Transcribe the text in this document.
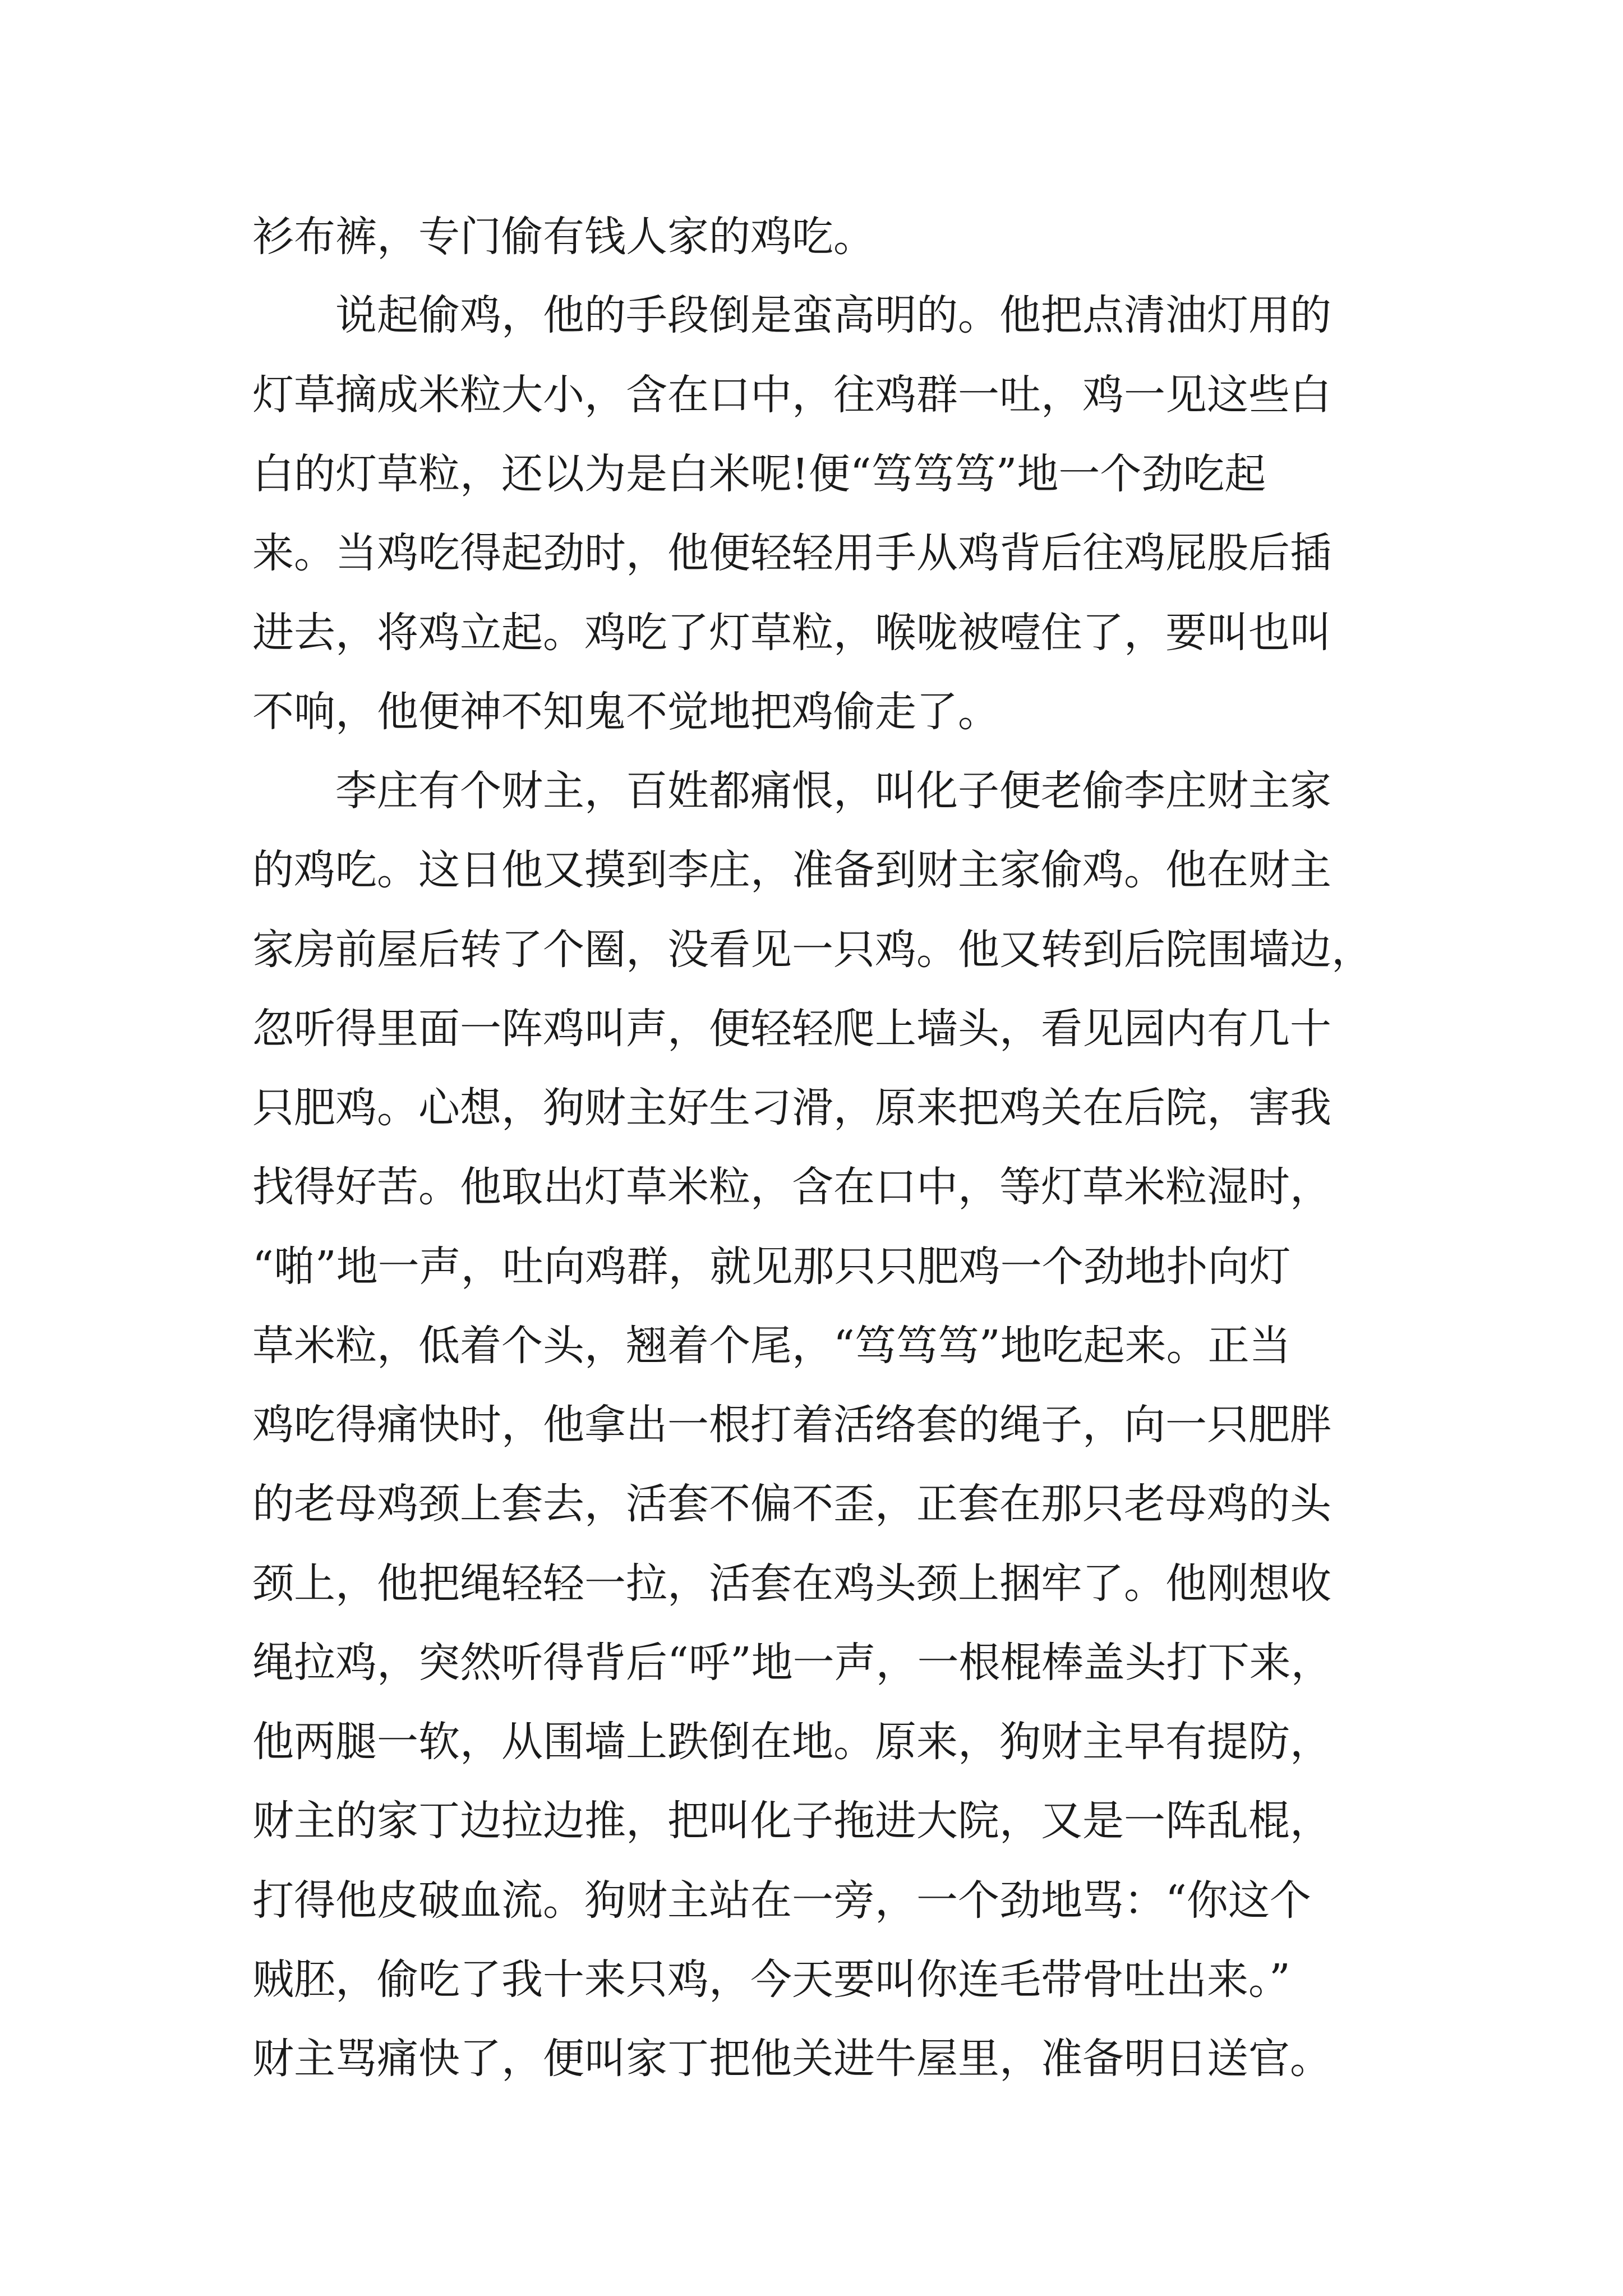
衫布裤，专门偷有钱人家的鸡吃。
　　说起偷鸡，他的手段倒是蛮高明的。他把点清油灯用的
灯草摘成米粒大小，含在口中，往鸡群一吐，鸡一见这些白
白的灯草粒，还以为是白米呢!便“笃笃笃”地一个劲吃起
来。当鸡吃得起劲时，他便轻轻用手从鸡背后往鸡屁股后插
进去，将鸡立起。鸡吃了灯草粒，喉咙被噎住了，要叫也叫
不响，他便神不知鬼不觉地把鸡偷走了。
　　李庄有个财主，百姓都痛恨，叫化子便老偷李庄财主家
的鸡吃。这日他又摸到李庄，准备到财主家偷鸡。他在财主
家房前屋后转了个圈，没看见一只鸡。他又转到后院围墙边，
忽听得里面一阵鸡叫声，便轻轻爬上墙头，看见园内有几十
只肥鸡。心想，狗财主好生刁滑，原来把鸡关在后院，害我
找得好苦。他取出灯草米粒，含在口中，等灯草米粒湿时，
“啪”地一声，吐向鸡群，就见那只只肥鸡一个劲地扑向灯
草米粒，低着个头，翘着个尾，“笃笃笃”地吃起来。正当
鸡吃得痛快时，他拿出一根打着活络套的绳子，向一只肥胖
的老母鸡颈上套去，活套不偏不歪，正套在那只老母鸡的头
颈上，他把绳轻轻一拉，活套在鸡头颈上捆牢了。他刚想收
绳拉鸡，突然听得背后“呼”地一声，一根棍棒盖头打下来，
他两腿一软，从围墙上跌倒在地。原来，狗财主早有提防，
财主的家丁边拉边推，把叫化子拖进大院，又是一阵乱棍，
打得他皮破血流。狗财主站在一旁，一个劲地骂：“你这个
贼胚，偷吃了我十来只鸡，今天要叫你连毛带骨吐出来。”
财主骂痛快了，便叫家丁把他关进牛屋里，准备明日送官。
